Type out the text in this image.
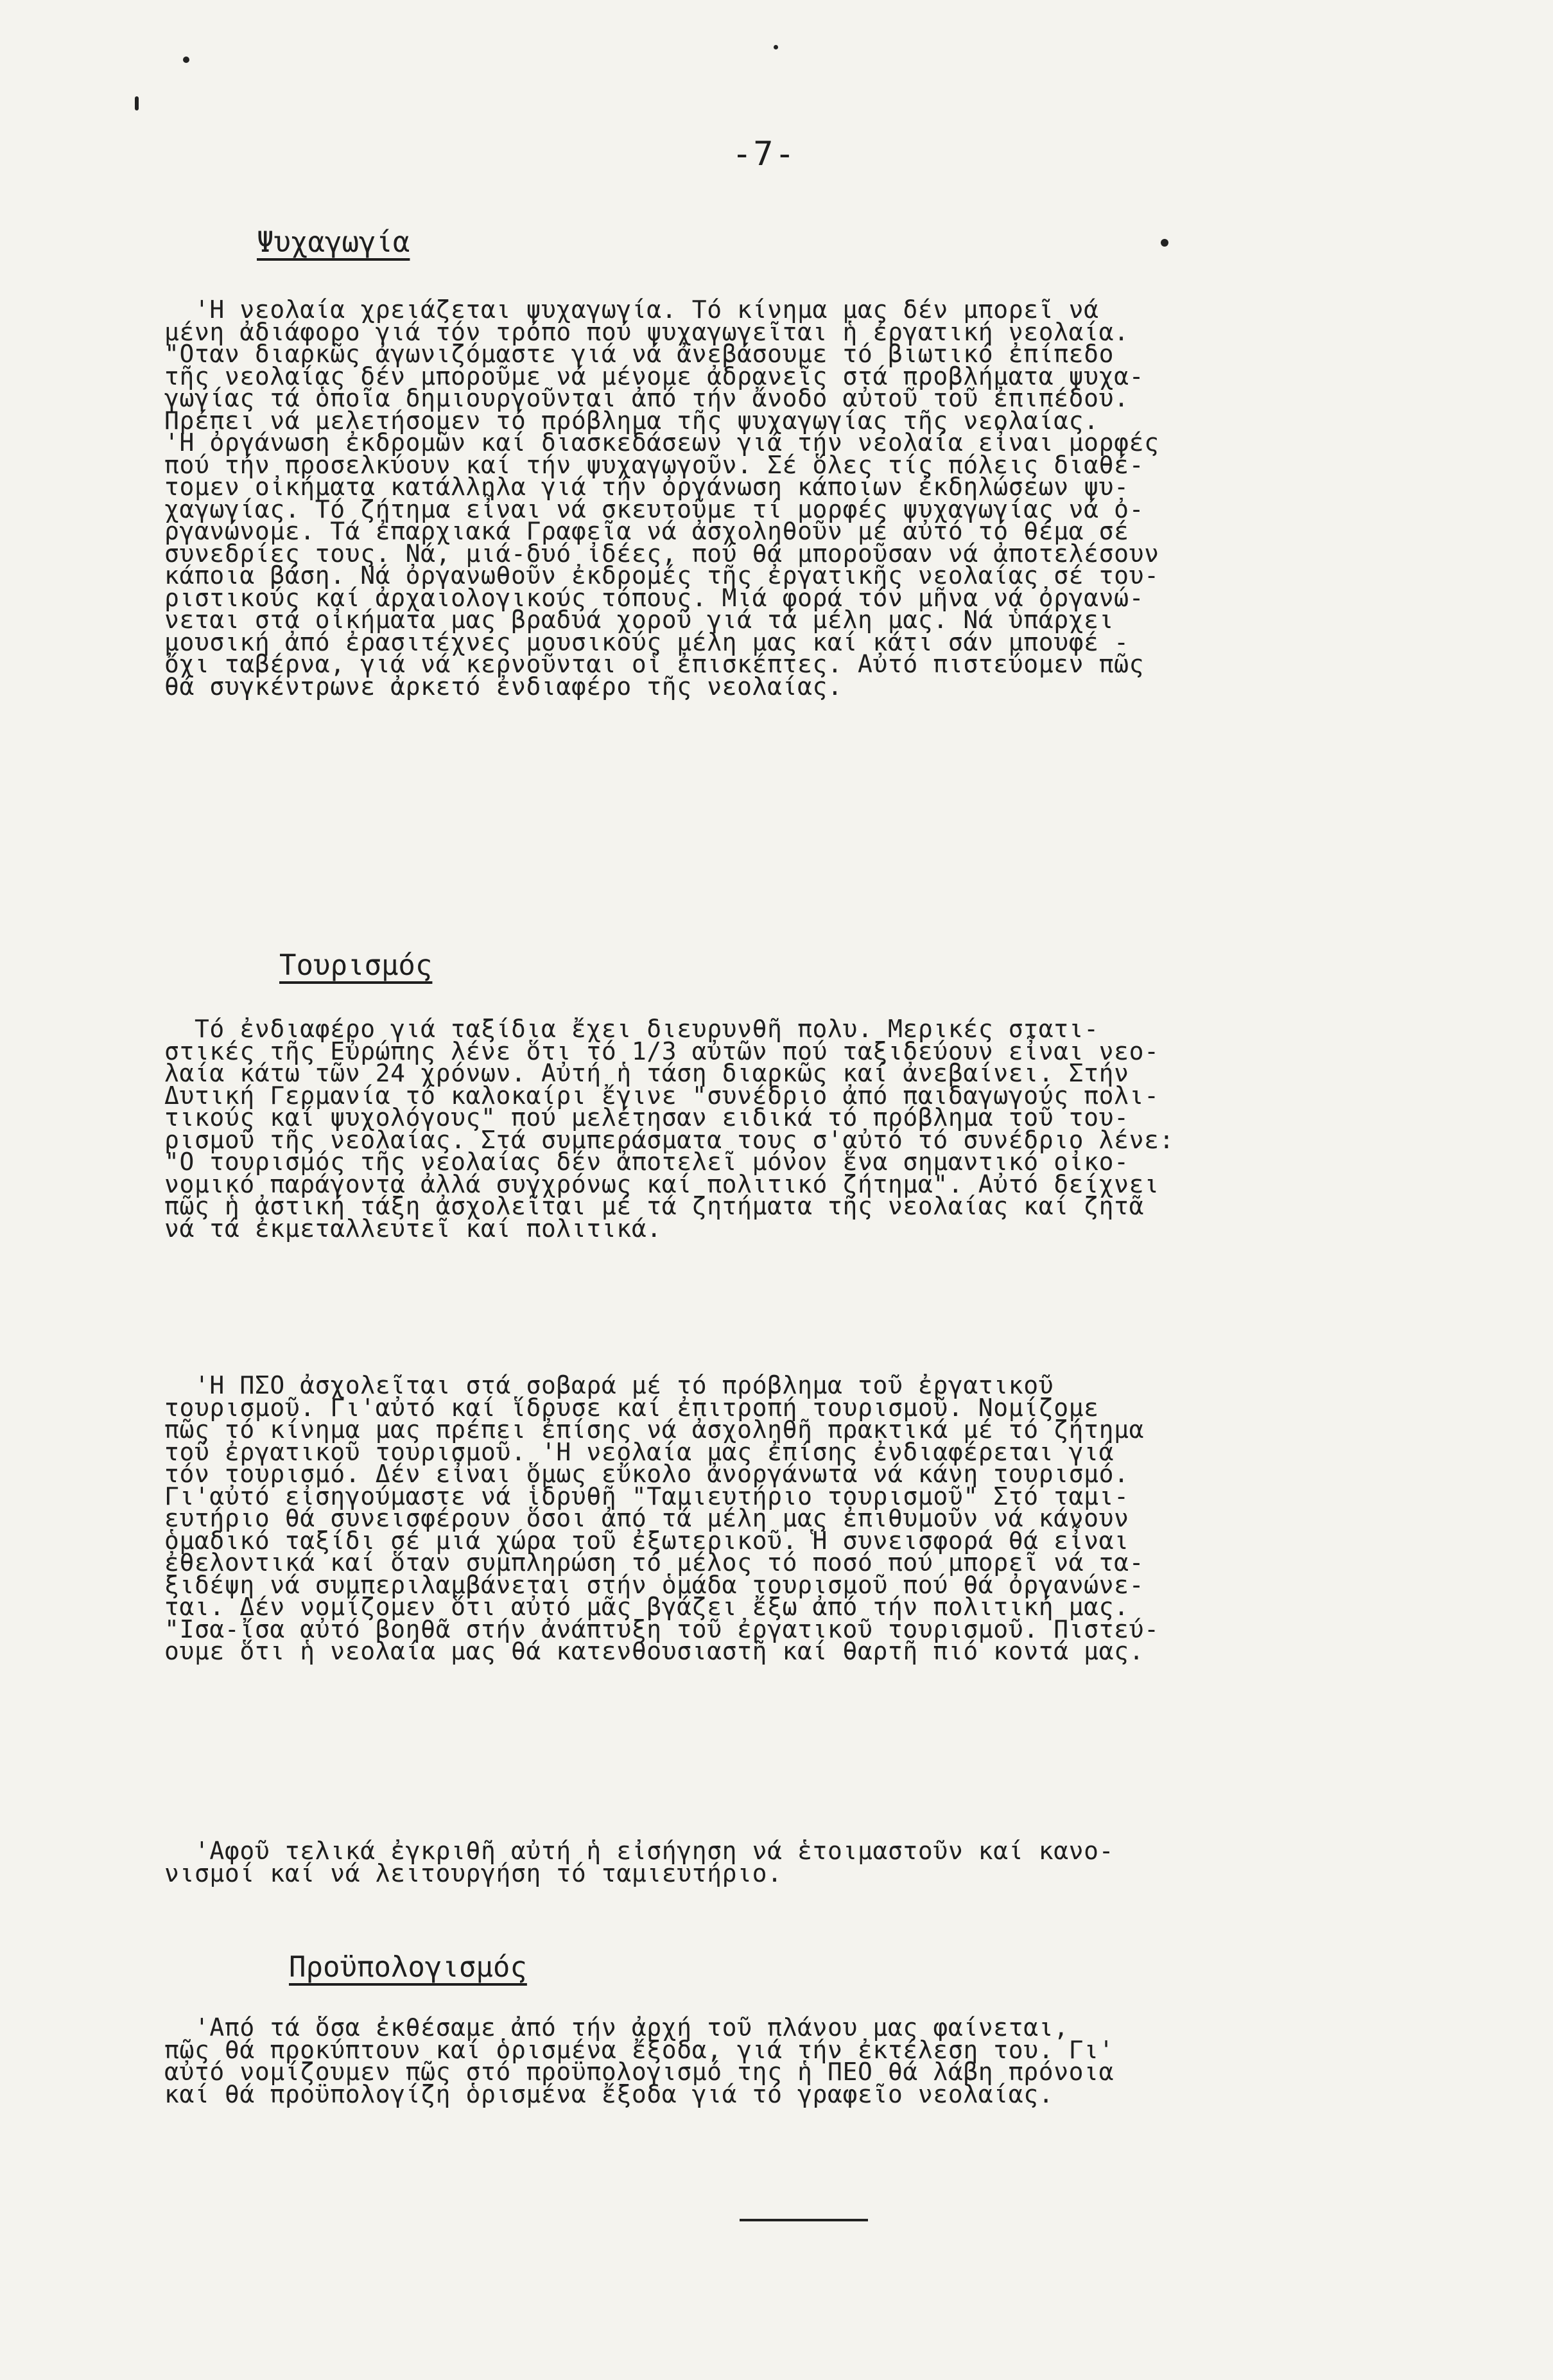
-7-
Ψυχαγωγία
'Η νεολαία χρειάζεται ψυχαγωγία. Τό κίνημα μας δέν μπορεῖ νά
μένη ἀδιάφορο γιά τόν τρόπο πού ψυχαγωγεῖται ἡ ἐργατική νεολαία.
"Οταν διαρκῶς ἀγωνιζόμαστε γιά νά ἀνεβάσουμε τό βιωτικό ἐπίπεδο
τῆς νεολαίας δέν μποροῦμε νά μένομε ἀδρανεῖς στά προβλήματα ψυχα-
γωγίας τά ὁποῖα δημιουργοῦνται ἀπό τήν ἄνοδο αὐτοῦ τοῦ ἐπιπέδου.
Πρέπει νά μελετήσομεν τό πρόβλημα τῆς ψυχαγωγίας τῆς νεολαίας.
'Η ὀργάνωση ἐκδρομῶν καί διασκεδάσεων γιά τήν νεολαία εἶναι μορφές
πού τήν προσελκύουν καί τήν ψυχαγωγοῦν. Σέ ὅλες τίς πόλεις διαθέ-
τομεν οἰκήματα κατάλληλα γιά τήν ὀργάνωση κάποιων ἐκδηλώσεων ψυ-
χαγωγίας. Τό ζήτημα εἶναι νά σκευτοῦμε τί μορφές ψυχαγωγίας νά ὀ-
ργανώνομε. Τά ἐπαρχιακά Γραφεῖα νά ἀσχοληθοῦν μέ αὐτό τό θέμα σέ
συνεδρίες τους. Νά, μιά-δυό ἰδέες, πού θά μποροῦσαν νά ἀποτελέσουν
κάποια βάση. Νά ὀργανωθοῦν ἐκδρομές τῆς ἐργατικῆς νεολαίας σέ του-
ριστικούς καί ἀρχαιολογικούς τόπους. Μιά φορά τόν μῆνα νά ὀργανώ-
νεται στά οἰκήματα μας βραδυά χοροῦ γιά τά μέλη μας. Νά ὑπάρχει
μουσική ἀπό ἐρασιτέχνες μουσικούς μέλη μας καί κάτι σάν μπουφέ -
ὄχι ταβέρνα, γιά νά κερνοῦνται οἱ ἐπισκέπτες. Αὐτό πιστεύομεν πῶς
θά συγκέντρωνε ἀρκετό ἐνδιαφέρο τῆς νεολαίας.
Τουρισμός
Τό ἐνδιαφέρο γιά ταξίδια ἔχει διευρυνθῆ πολυ. Μερικές στατι-
στικές τῆς Εὐρώπης λένε ὅτι τό 1/3 αὐτῶν πού ταξιδεύουν εἶναι νεο-
λαία κάτω τῶν 24 χρόνων. Αὐτή ἡ τάση διαρκῶς καί ἀνεβαίνει. Στήν
Δυτική Γερμανία τό καλοκαίρι ἔγινε "συνέδριο ἀπό παιδαγωγούς πολι-
τικούς καί ψυχολόγους" πού μελέτησαν ειδικά τό πρόβλημα τοῦ του-
ρισμοῦ τῆς νεολαίας. Στά συμπεράσματα τους σ'αὐτό τό συνέδριο λένε:
"Ο τουρισμός τῆς νεολαίας δέν ἀποτελεῖ μόνον ἕνα σημαντικό οἰκο-
νομικό παράγοντα ἀλλά συγχρόνως καί πολιτικό ζήτημα". Αὐτό δείχνει
πῶς ἡ ἀστική τάξη ἀσχολεῖται μέ τά ζητήματα τῆς νεολαίας καί ζητᾶ
νά τά ἐκμεταλλευτεῖ καί πολιτικά.
'Η ΠΣΟ ἀσχολεῖται στά σοβαρά μέ τό πρόβλημα τοῦ ἐργατικοῦ
τουρισμοῦ. Γι'αὐτό καί ἵδρυσε καί ἐπιτροπή τουρισμοῦ. Νομίζομε
πῶς τό κίνημα μας πρέπει ἐπίσης νά ἀσχοληθῆ πρακτικά μέ τό ζήτημα
τοῦ ἐργατικοῦ τουρισμοῦ. 'Η νεολαία μας ἐπίσης ἐνδιαφέρεται γιά
τόν τουρισμό. Δέν εἶναι ὅμως εὔκολο ἀνοργάνωτα νά κάνη τουρισμό.
Γι'αὐτό εἰσηγούμαστε νά ἱδρυθῆ "Ταμιευτήριο τουρισμοῦ" Στό ταμι-
ευτήριο θά συνεισφέρουν ὅσοι ἀπό τά μέλη μας ἐπιθυμοῦν νά κάνουν
ὁμαδικό ταξίδι σέ μιά χώρα τοῦ ἐξωτερικοῦ. Ἡ συνεισφορά θά εἶναι
ἐθελοντικά καί ὅταν συμπληρώση τό μέλος τό ποσό πού μπορεῖ νά τα-
ξιδέψη νά συμπεριλαμβάνεται στήν ὁμάδα τουρισμοῦ πού θά ὀργανώνε-
ται. Δέν νομίζομεν ὅτι αὐτό μᾶς βγάζει ἔξω ἀπό τήν πολιτική μας.
"Ισα-ἴσα αὐτό βοηθᾶ στήν ἀνάπτυξη τοῦ ἐργατικοῦ τουρισμοῦ. Πιστεύ-
ουμε ὅτι ἡ νεολαία μας θά κατενθουσιαστῆ καί θαρτῆ πιό κοντά μας.
'Αφοῦ τελικά ἐγκριθῆ αὐτή ἡ εἰσήγηση νά ἑτοιμαστοῦν καί κανο-
νισμοί καί νά λειτουργήση τό ταμιευτήριο.
Προϋπολογισμός
'Από τά ὅσα ἐκθέσαμε ἀπό τήν ἀρχή τοῦ πλάνου μας φαίνεται,
πῶς θά προκύπτουν καί ὁρισμένα ἔξοδα, γιά τήν ἐκτέλεση του. Γι'
αὐτό νομίζουμεν πῶς στό προϋπολογισμό της ἡ ΠΕΟ θά λάβη πρόνοια
καί θά προϋπολογίζη ὁρισμένα ἔξοδα γιά τό γραφεῖο νεολαίας.
